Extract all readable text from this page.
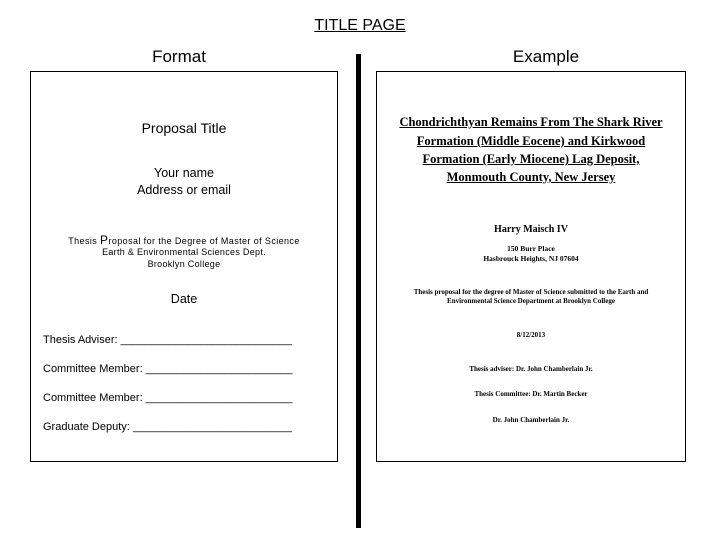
TITLE PAGE
Format	Example
Proposal Title
Your name
Address or email
Thesis Proposal for the Degree of Master of Science
Earth & Environmental Sciences Dept.
Brooklyn College
Date
Thesis Adviser: ____________________________
Committee Member: ________________________
Committee Member: ________________________
Graduate Deputy: __________________________
Chondrichthyan Remains From The Shark River
Formation (Middle Eocene) and Kirkwood
Formation (Early Miocene) Lag Deposit,
Monmouth County, New Jersey
Harry Maisch IV
150 Burr Place
Hasbrouck Heights, NJ 07604
Thesis proposal for the degree of Master of Science submitted to the Earth and
Environmental Science Department at Brooklyn College
8/12/2013
Thesis adviser: Dr. John Chamberlain Jr.
Thesis Committee: Dr. Martin Becker
Dr. John Chamberlain Jr.
